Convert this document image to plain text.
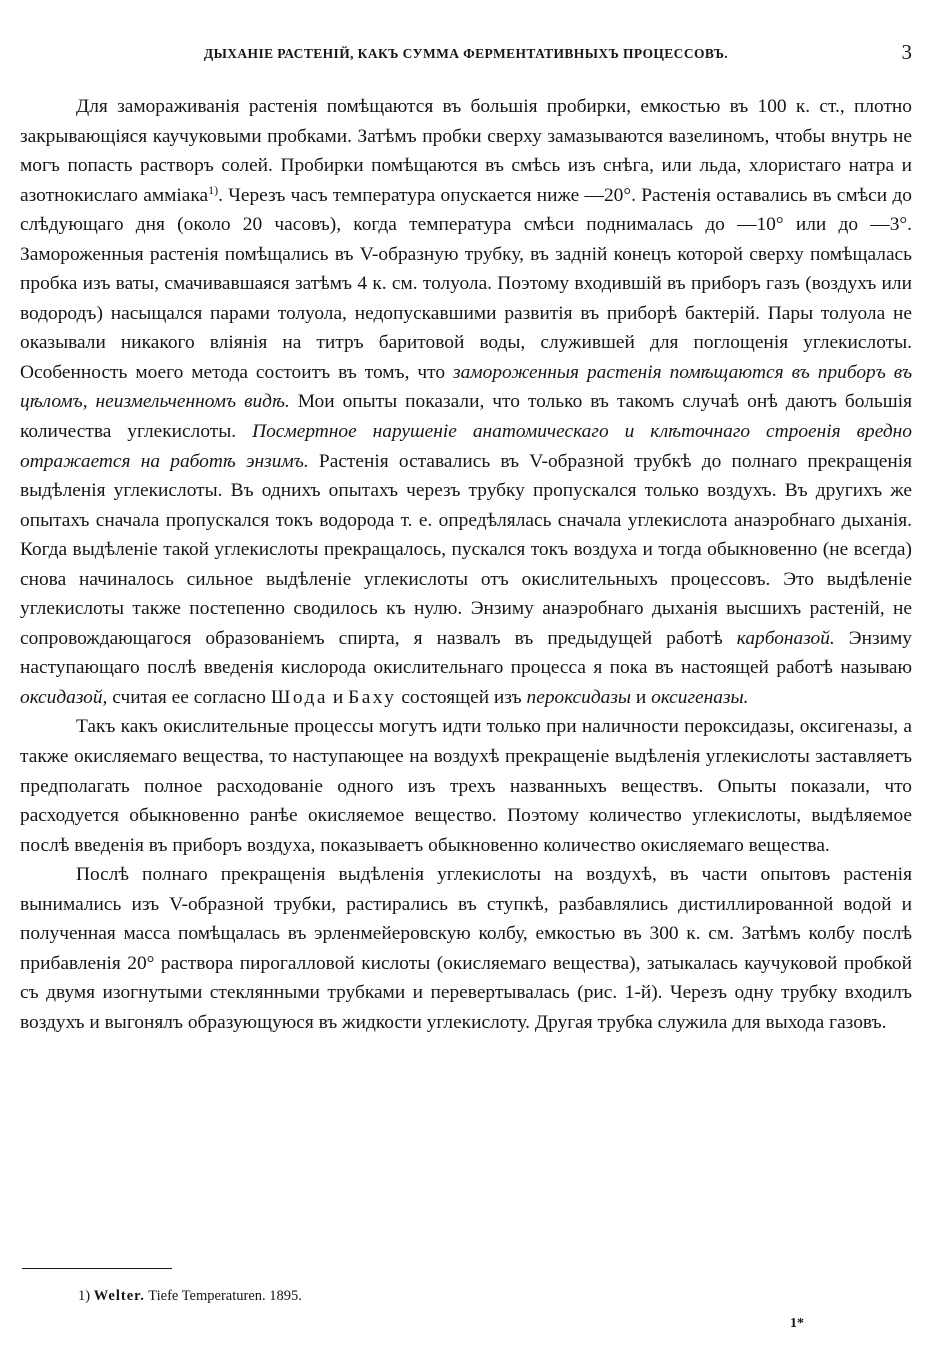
ДЫХАНІЕ РАСТЕНІЙ, КАКЪ СУММА ФЕРМЕНТАТИВНЫХЪ ПРОЦЕССОВЪ.	3

Для замораживанія растенія помѣщаются въ большія пробирки, емкостью въ 100 к. ст., плотно закрывающіяся каучуковыми пробками. Затѣмъ пробки сверху замазываются вазелиномъ, чтобы внутрь не могъ попасть растворъ солей. Пробирки помѣщаются въ смѣсь изъ снѣга, или льда, хлористаго натра и азотнокислаго аммiака$^{1)}$. Черезъ часъ температура опускается ниже —20°. Растенія оставались въ смѣси до слѣдующаго дня (около 20 часовъ), когда температура смѣси поднималась до —10° или до —3°. Замороженныя растенія помѣщались въ V-образную трубку, въ задній конецъ которой сверху помѣщалась пробка изъ ваты, смачивавшаяся затѣмъ 4 к. см. толуола. Поэтому входившій въ приборъ газъ (воздухъ или водородъ) насыщался парами толуола, недопускавшими развитія въ приборѣ бактерій. Пары толуола не оказывали никакого вліянія на титръ баритовой воды, служившей для поглощенія углекислоты. Особенность моего метода состоитъ въ томъ, что замороженныя растенія помѣщаются въ приборъ въ цѣломъ, неизмельченномъ видѣ. Мои опыты показали, что только въ такомъ случаѣ онѣ даютъ большія количества углекислоты. Посмертное нарушеніе анатомическаго и клѣточнаго строенія вредно отражается на работѣ энзимъ. Растенія оставались въ V-образной трубкѣ до полнаго прекращенія выдѣленія углекислоты. Въ однихъ опытахъ черезъ трубку пропускался только воздухъ. Въ другихъ же опытахъ сначала пропускался токъ водорода т. е. опредѣлялась сначала углекислота анаэробнаго дыханія. Когда выдѣленіе такой углекислоты прекращалось, пускался токъ воздуха и тогда обыкновенно (не всегда) снова начиналось сильное выдѣленіе углекислоты отъ окислительныхъ процессовъ. Это выдѣленіе углекислоты также постепенно сводилось къ нулю. Энзиму анаэробнаго дыханія высшихъ растеній, не сопровождающагося образованіемъ спирта, я назвалъ въ предыдущей работѣ карбоназой. Энзиму наступающаго послѣ введенія кислорода окислительнаго процесса я пока въ настоящей работѣ называю оксидазой, считая ее согласно Шода и Баху состоящей изъ пероксидазы и оксигеназы.

Такъ какъ окислительные процессы могутъ идти только при наличности пероксидазы, оксигеназы, а также окисляемаго вещества, то наступающее на воздухѣ прекращеніе выдѣленія углекислоты заставляетъ предполагать полное расходованіе одного изъ трехъ названныхъ веществъ. Опыты показали, что расходуется обыкновенно ранѣе окисляемое вещество. Поэтому количество углекислоты, выдѣляемое послѣ введенія въ приборъ воздуха, показываетъ обыкновенно количество окисляемаго вещества.

Послѣ полнаго прекращенія выдѣленія углекислоты на воздухѣ, въ части опытовъ растенія вынимались изъ V-образной трубки, растирались въ ступкѣ, разбавлялись дистиллированной водой и полученная масса помѣщалась въ эрленмейеровскую колбу, емкостью въ 300 к. см. Затѣмъ колбу послѣ прибавленія 20° раствора пирогалловой кислоты (окисляемаго вещества), затыкалась каучуковой пробкой съ двумя изогнутыми стеклянными трубками и перевертывалась (рис. 1-й). Черезъ одну трубку входилъ воздухъ и выгонялъ образующуюся въ жидкости углекислоту. Другая трубка служила для выхода газовъ.

1) Welter. Tiefe Temperaturen. 1895.
1*
